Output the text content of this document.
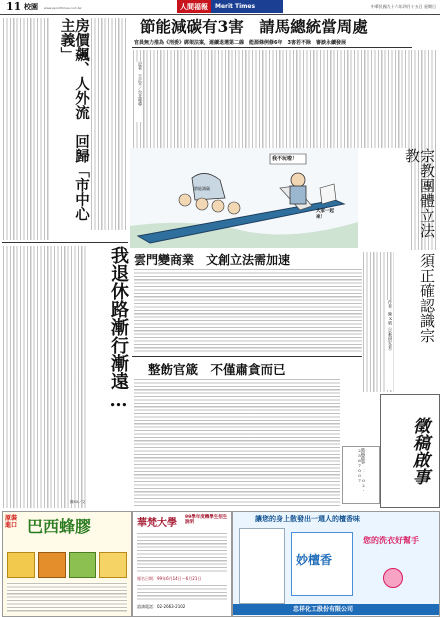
11 校園 www.epochtimes.com.tw	人間福報	Merit Times	中華民國九十六年四月十五日 星期日
房價飆、人外流　回歸「市中心主義」
我退休路漸行漸遠…
陳XX／文
節能減碳有3害　請馬總統當周處
官員無力推為《刑委》綁架法案，連續退選第二線　能源條例修6年　3害若不除　審談永續發展
記者　王正平／台北報導
我不玩啦！
大家一起來！
節能減碳
雲門變商業　文創立法需加速
整飭官箴　不僅肅貪而已
宗教團體立法　須正確認識宗教
作者：陳X晴（宗教研究者）
徵稿啟事
徵稿啟事 ： 02-2567007
原裝進口 巴西蜂膠	華梵大學
99學年度轉學生招生說明
報名日期：99年6月14日～6月21日
諮詢電話：02-2663-2102
讓您的身上散發出一週人的檀香味
妙檀香
您的洗衣好幫手
忠祥化工股份有限公司
